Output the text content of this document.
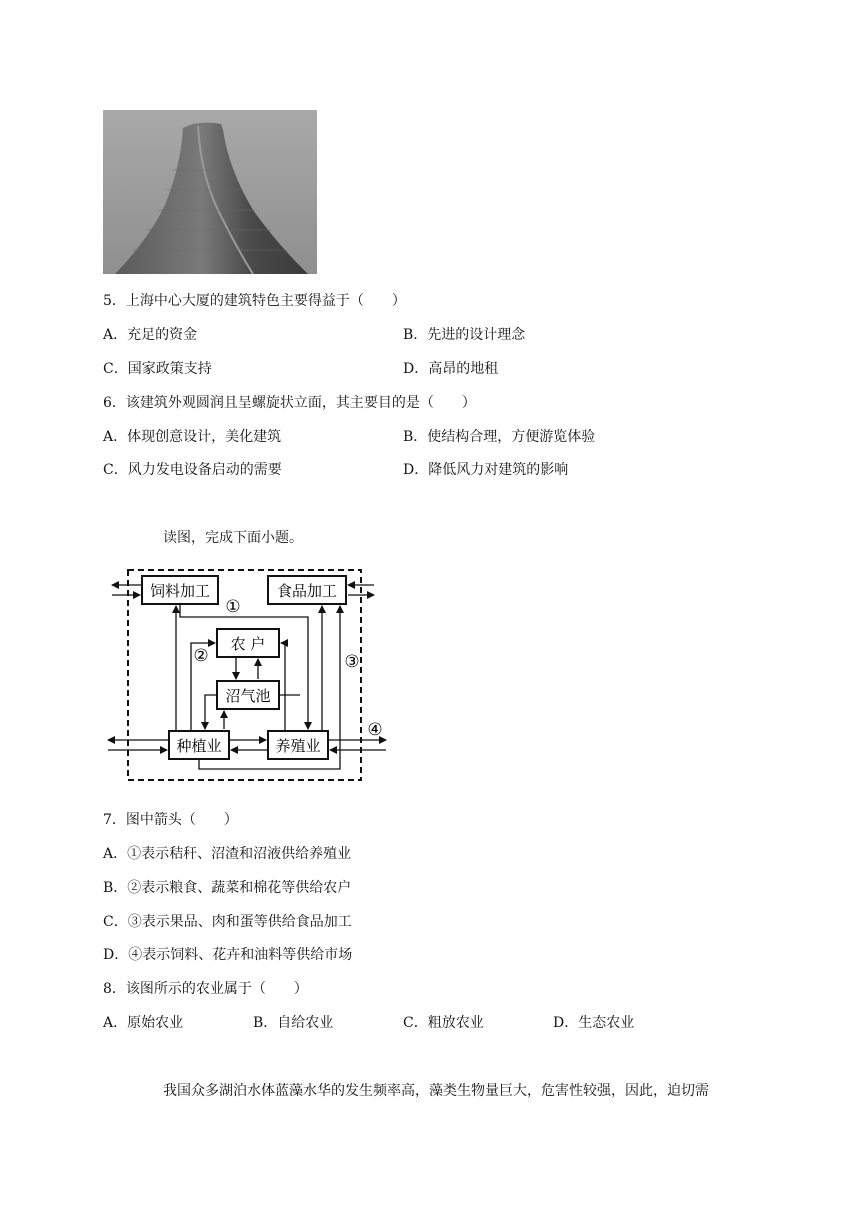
5．上海中心大厦的建筑特色主要得益于（　　）
A．充足的资金	B．先进的设计理念
C．国家政策支持	D．高昂的地租
6．该建筑外观圆润且呈螺旋状立面，其主要目的是（　　）
A．体现创意设计，美化建筑	B．使结构合理，方便游览体验
C．风力发电设备启动的需要	D．降低风力对建筑的影响
读图，完成下面小题。
饲料加工	食品加工
农 户
沼气池
种植业	养殖业
①
②	③
④
7．图中箭头（　　）
A．①表示秸秆、沼渣和沼液供给养殖业
B．②表示粮食、蔬菜和棉花等供给农户
C．③表示果品、肉和蛋等供给食品加工
D．④表示饲料、花卉和油料等供给市场
8．该图所示的农业属于（　　）
A．原始农业	B．自给农业	C．粗放农业	D．生态农业
我国众多湖泊水体蓝藻水华的发生频率高，藻类生物量巨大，危害性较强，因此，迫切需
